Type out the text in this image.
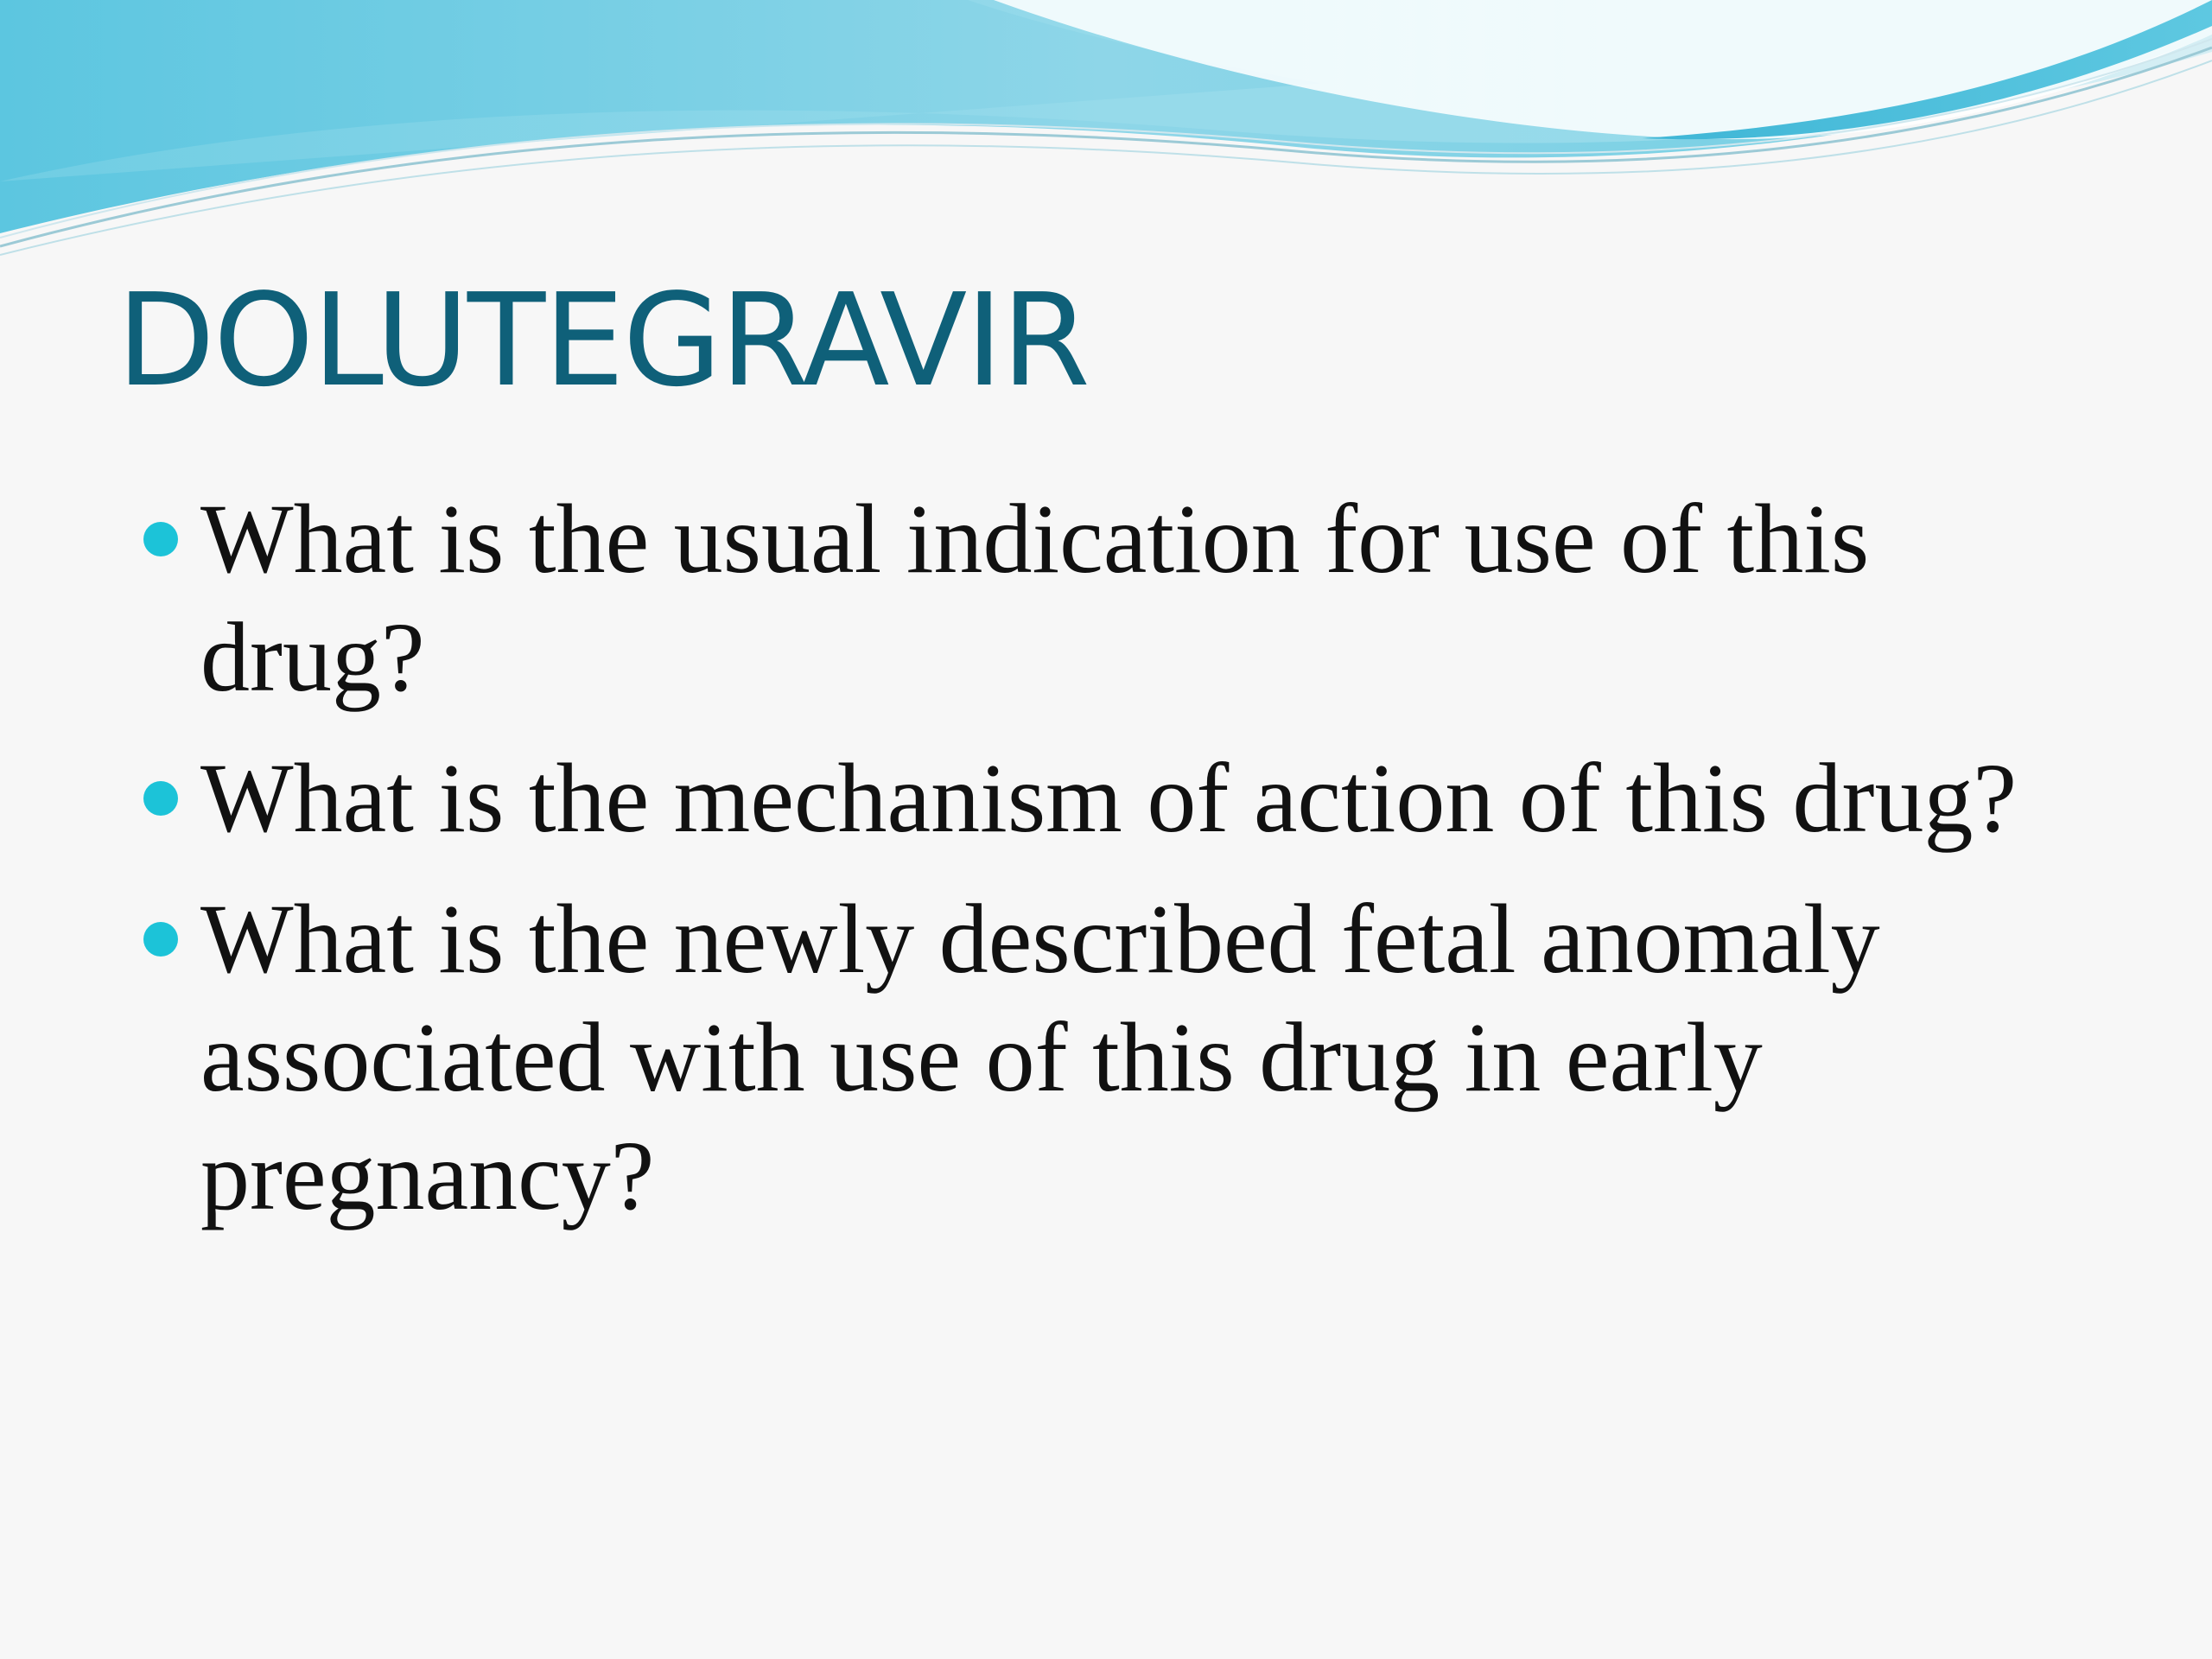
DOLUTEGRAVIR
What is the usual indication for use of this drug?
What is the mechanism of action of this drug?
What is the newly described fetal anomaly associated with use of this drug in early pregnancy?
